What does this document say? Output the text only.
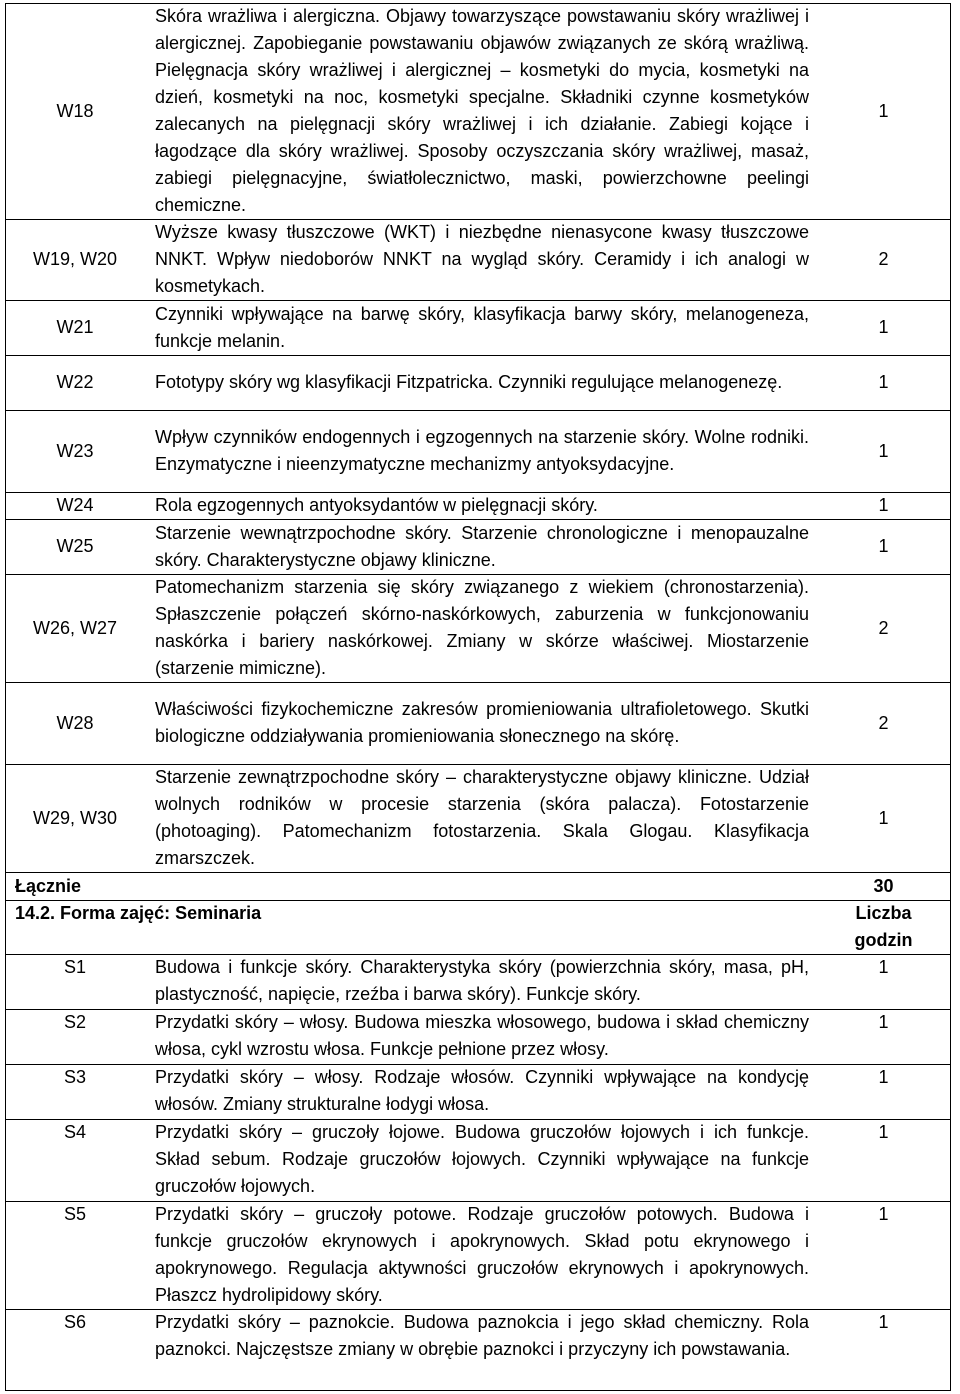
W18	Skóra wrażliwa i alergiczna. Objawy towarzyszące powstawaniu skóry wrażliwej i alergicznej. Zapobieganie powstawaniu objawów związanych ze skórą wrażliwą. Pielęgnacja skóry wrażliwej i alergicznej – kosmetyki do mycia, kosmetyki na dzień, kosmetyki na noc, kosmetyki specjalne. Składniki czynne kosmetyków zalecanych na pielęgnacji skóry wrażliwej i ich działanie. Zabiegi kojące i łagodzące dla skóry wrażliwej. Sposoby oczyszczania skóry wrażliwej, masaż, zabiegi pielęgnacyjne, światłolecznictwo, maski, powierzchowne peelingi chemiczne.	1
W19, W20	Wyższe kwasy tłuszczowe (WKT) i niezbędne nienasycone kwasy tłuszczowe NNKT. Wpływ niedoborów NNKT na wygląd skóry. Ceramidy i ich analogi w kosmetykach.	2
W21	Czynniki wpływające na barwę skóry, klasyfikacja barwy skóry, melanogeneza, funkcje melanin.	1
W22	Fototypy skóry wg klasyfikacji Fitzpatricka. Czynniki regulujące melanogenezę.	1
W23	Wpływ czynników endogennych i egzogennych na starzenie skóry. Wolne rodniki. Enzymatyczne i nieenzymatyczne mechanizmy antyoksydacyjne.	1
W24	Rola egzogennych antyoksydantów w pielęgnacji skóry.	1
W25	Starzenie wewnątrzpochodne skóry. Starzenie chronologiczne i menopauzalne skóry. Charakterystyczne objawy kliniczne.	1
W26, W27	Patomechanizm starzenia się skóry związanego z wiekiem (chronostarzenia). Spłaszczenie połączeń skórno-naskórkowych, zaburzenia w funkcjonowaniu naskórka i bariery naskórkowej. Zmiany w skórze właściwej. Miostarzenie (starzenie mimiczne).	2
W28	Właściwości fizykochemiczne zakresów promieniowania ultrafioletowego. Skutki biologiczne oddziaływania promieniowania słonecznego na skórę.	2
W29, W30	Starzenie zewnątrzpochodne skóry – charakterystyczne objawy kliniczne. Udział wolnych rodników w procesie starzenia (skóra palacza). Fotostarzenie (photoaging). Patomechanizm fotostarzenia. Skala Glogau. Klasyfikacja zmarszczek.	1
Łącznie		30
14.2. Forma zajęć: Seminaria		Liczba godzin
S1	Budowa i funkcje skóry. Charakterystyka skóry (powierzchnia skóry, masa, pH, plastyczność, napięcie, rzeźba i barwa skóry). Funkcje skóry.	1
S2	Przydatki skóry – włosy. Budowa mieszka włosowego, budowa i skład chemiczny włosa, cykl wzrostu włosa. Funkcje pełnione przez włosy.	1
S3	Przydatki skóry – włosy. Rodzaje włosów. Czynniki wpływające na kondycję włosów. Zmiany strukturalne łodygi włosa.	1
S4	Przydatki skóry – gruczoły łojowe. Budowa gruczołów łojowych i ich funkcje. Skład sebum. Rodzaje gruczołów łojowych. Czynniki wpływające na funkcje gruczołów łojowych.	1
S5	Przydatki skóry – gruczoły potowe. Rodzaje gruczołów potowych. Budowa i funkcje gruczołów ekrynowych i apokrynowych. Skład potu ekrynowego i apokrynowego. Regulacja aktywności gruczołów ekrynowych i apokrynowych. Płaszcz hydrolipidowy skóry.	1
S6	Przydatki skóry – paznokcie. Budowa paznokcia i jego skład chemiczny. Rola paznokci. Najczęstsze zmiany w obrębie paznokci i przyczyny ich powstawania.	1
